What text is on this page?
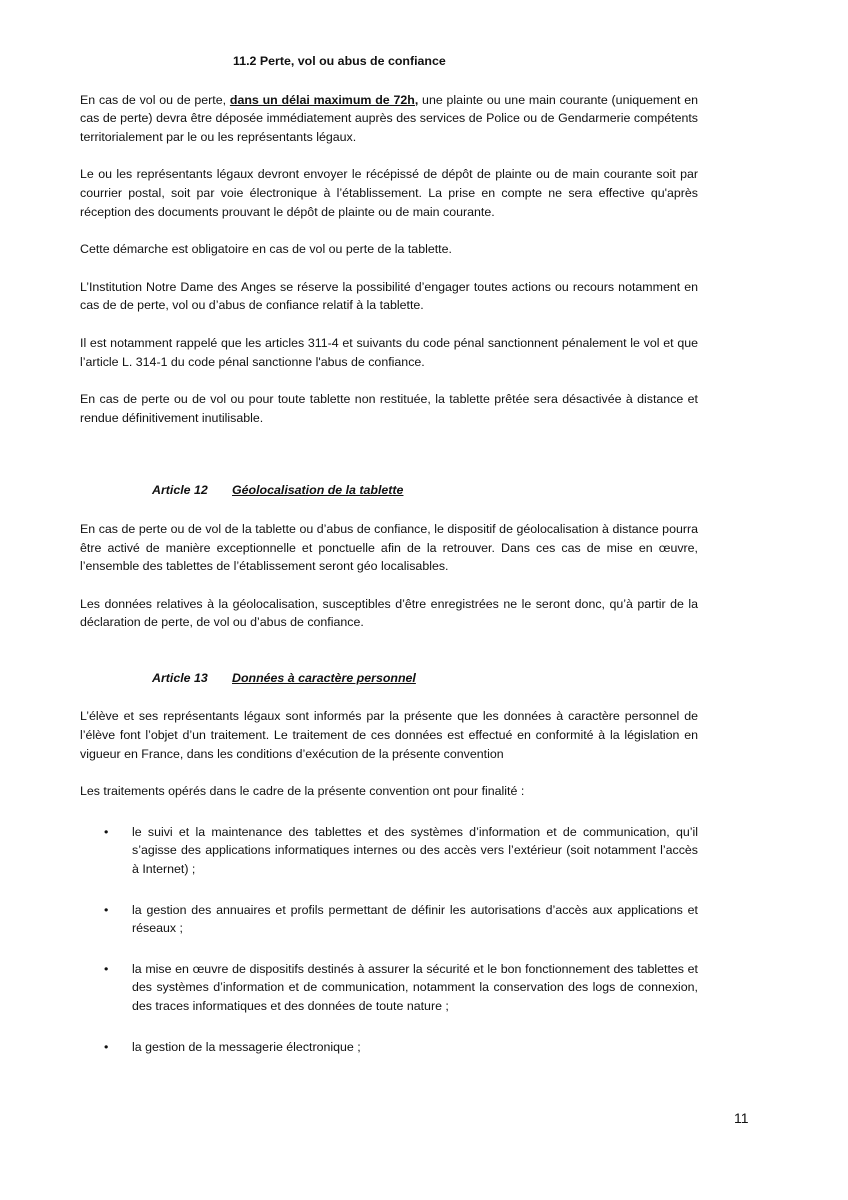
11.2 Perte, vol ou abus de confiance

En cas de vol ou de perte, dans un délai maximum de 72h, une plainte ou une main courante (uniquement en cas de perte) devra être déposée immédiatement auprès des services de Police ou de Gendarmerie compétents territorialement par le ou les représentants légaux.

Le ou les représentants légaux devront envoyer le récépissé de dépôt de plainte ou de main courante soit par courrier postal, soit par voie électronique à l’établissement. La prise en compte ne sera effective qu'après réception des documents prouvant le dépôt de plainte ou de main courante.

Cette démarche est obligatoire en cas de vol ou perte de la tablette.

L’Institution Notre Dame des Anges se réserve la possibilité d’engager toutes actions ou recours notamment en cas de de perte, vol ou d’abus de confiance relatif à la tablette.

Il est notamment rappelé que les articles 311-4 et suivants du code pénal sanctionnent pénalement le vol et que l’article L. 314-1 du code pénal sanctionne l'abus de confiance.

En cas de perte ou de vol ou pour toute tablette non restituée, la tablette prêtée sera désactivée à distance et rendue définitivement inutilisable.

Article 12	Géolocalisation de la tablette

En cas de perte ou de vol de la tablette ou d’abus de confiance, le dispositif de géolocalisation à distance pourra être activé de manière exceptionnelle et ponctuelle afin de la retrouver. Dans ces cas de mise en œuvre, l’ensemble des tablettes de l’établissement seront géo localisables.

Les données relatives à la géolocalisation, susceptibles d’être enregistrées ne le seront donc, qu’à partir de la déclaration de perte, de vol ou d’abus de confiance.

Article 13	Données à caractère personnel

L’élève et ses représentants légaux sont informés par la présente que les données à caractère personnel de l’élève font l’objet d’un traitement. Le traitement de ces données est effectué en conformité à la législation en vigueur en France, dans les conditions d’exécution de la présente convention

Les traitements opérés dans le cadre de la présente convention ont pour finalité :

• le suivi et la maintenance des tablettes et des systèmes d’information et de communication, qu’il s’agisse des applications informatiques internes ou des accès vers l’extérieur (soit notamment l’accès à Internet) ;
• la gestion des annuaires et profils permettant de définir les autorisations d’accès aux applications et réseaux ;
• la mise en œuvre de dispositifs destinés à assurer la sécurité et le bon fonctionnement des tablettes et des systèmes d’information et de communication, notamment la conservation des logs de connexion, des traces informatiques et des données de toute nature ;
• la gestion de la messagerie électronique ;
11
